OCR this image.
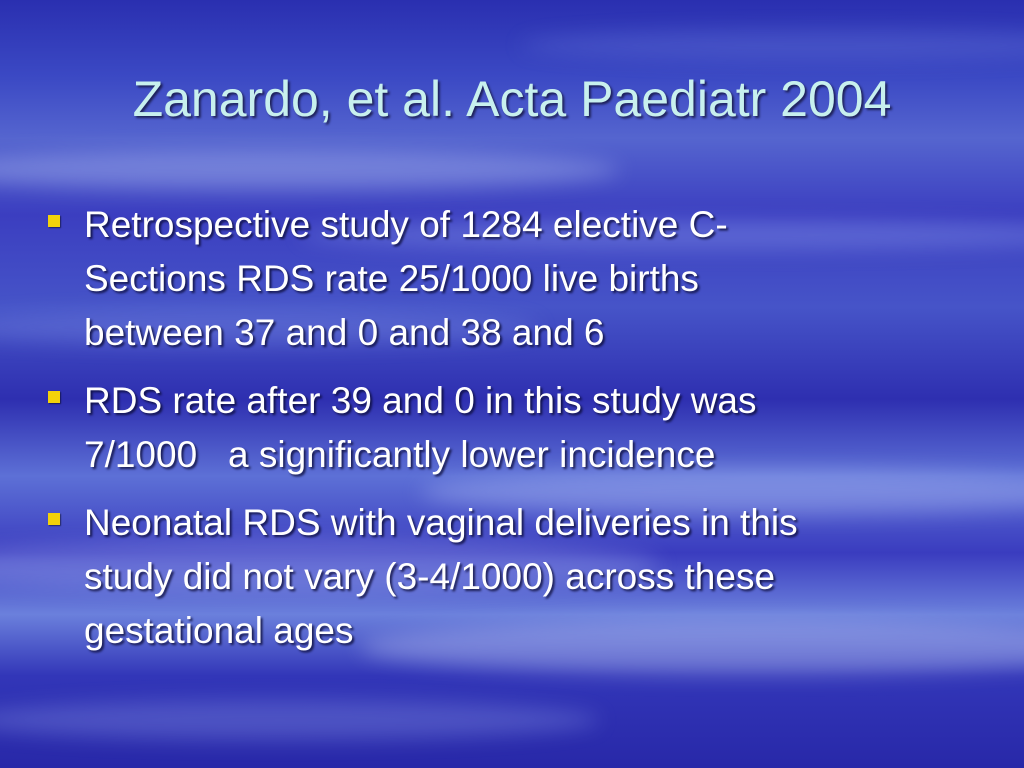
Zanardo, et al. Acta Paediatr 2004
Retrospective study of 1284 elective C-
Sections RDS rate 25/1000 live births
between 37 and 0 and 38 and 6
RDS rate after 39 and 0 in this study was
7/1000   a significantly lower incidence
Neonatal RDS with vaginal deliveries in this
study did not vary (3-4/1000) across these
gestational ages
